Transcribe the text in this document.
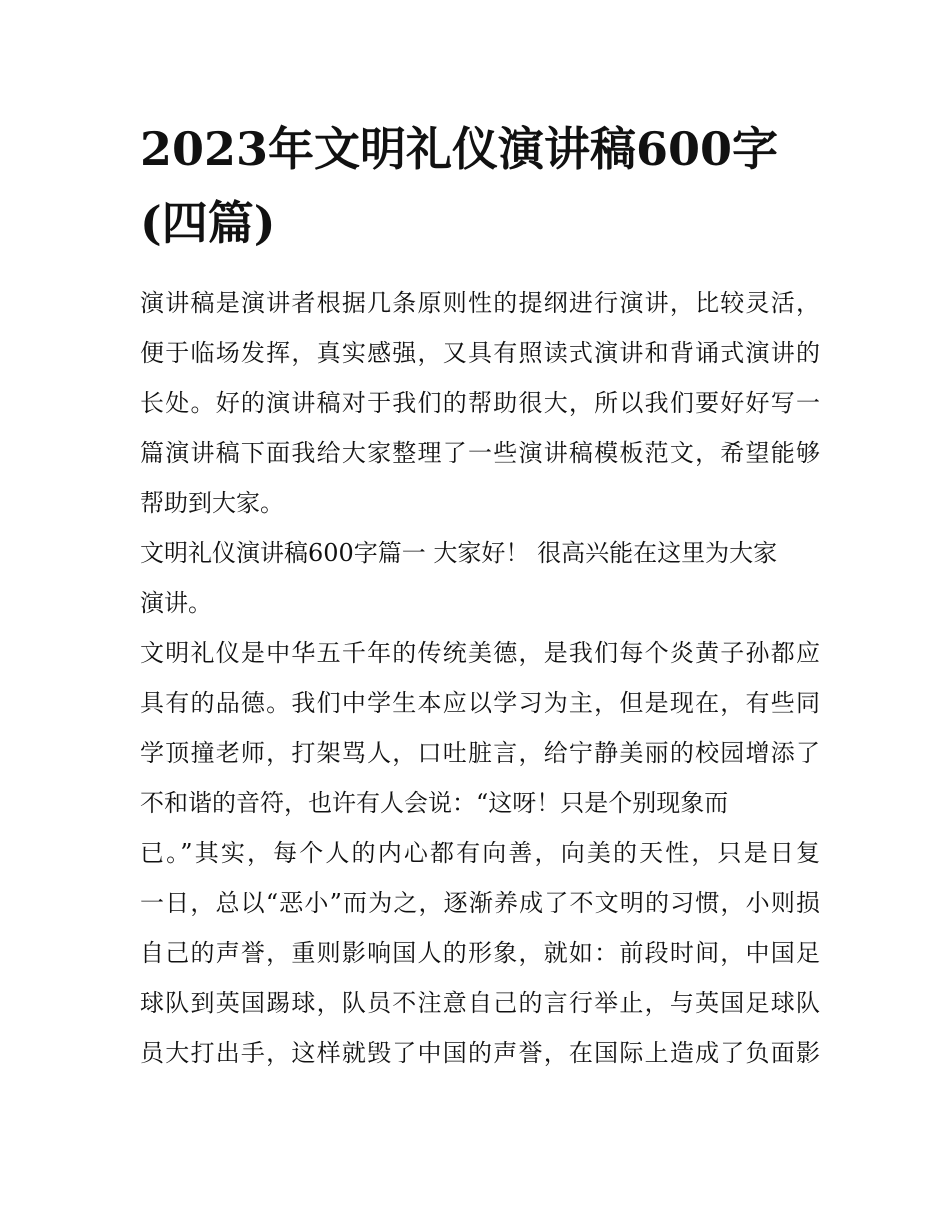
2023年文明礼仪演讲稿600字
(四篇)
演讲稿是演讲者根据几条原则性的提纲进行演讲，比较灵活，
便于临场发挥，真实感强，又具有照读式演讲和背诵式演讲的
长处。好的演讲稿对于我们的帮助很大，所以我们要好好写一
篇演讲稿下面我给大家整理了一些演讲稿模板范文，希望能够
帮助到大家。
文明礼仪演讲稿600字篇一 大家好！ 很高兴能在这里为大家
演讲。
文明礼仪是中华五千年的传统美德，是我们每个炎黄子孙都应
具有的品德。我们中学生本应以学习为主，但是现在，有些同
学顶撞老师，打架骂人，口吐脏言，给宁静美丽的校园增添了
不和谐的音符，也许有人会说：“这呀！只是个别现象而
已。”其实，每个人的内心都有向善，向美的天性，只是日复
一日，总以“恶小”而为之，逐渐养成了不文明的习惯，小则损
自己的声誉，重则影响国人的形象，就如：前段时间，中国足
球队到英国踢球，队员不注意自己的言行举止，与英国足球队
员大打出手，这样就毁了中国的声誉，在国际上造成了负面影
